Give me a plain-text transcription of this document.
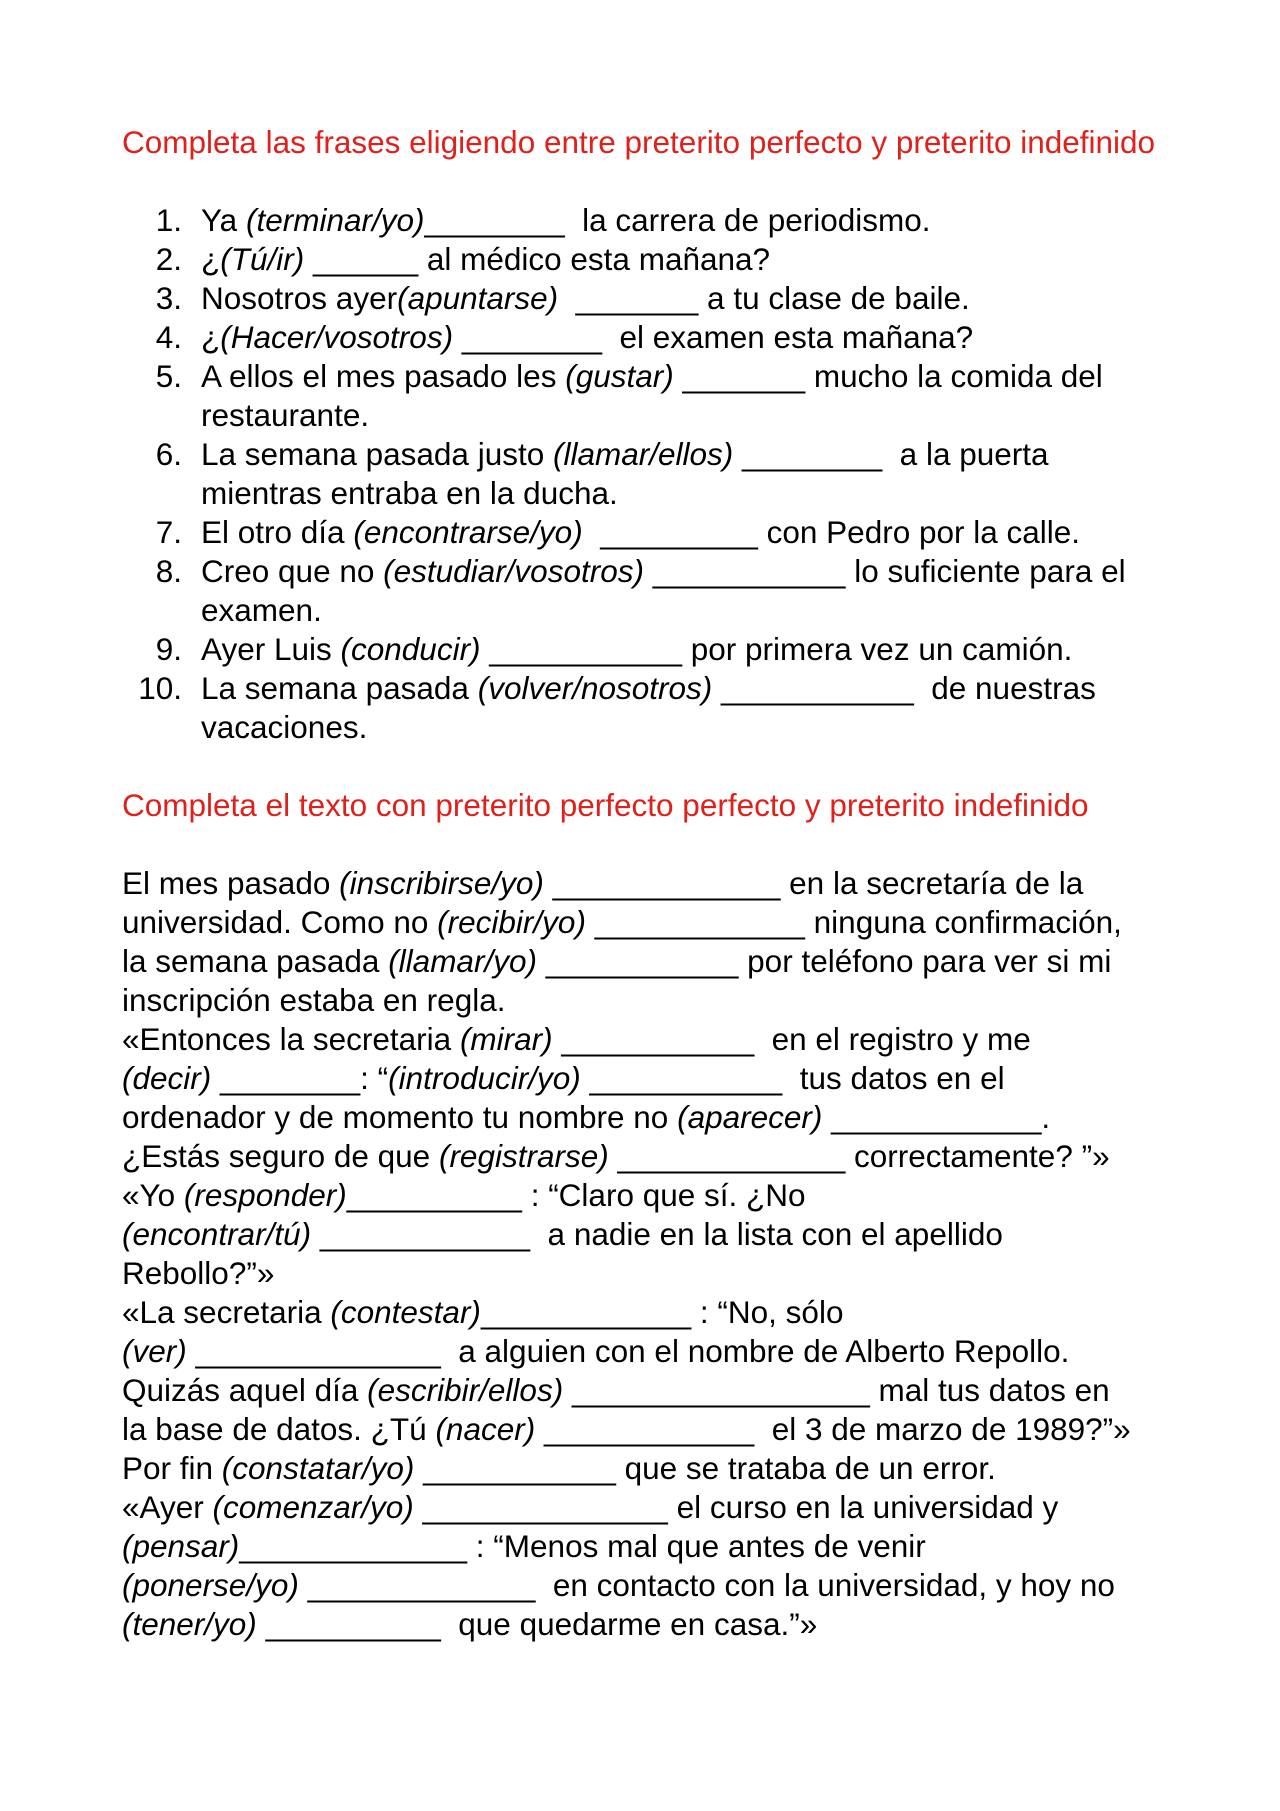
Completa las frases eligiendo entre preterito perfecto y preterito indefinido
1. Ya (terminar/yo)________  la carrera de periodismo.
2. ¿(Tú/ir) ______ al médico esta mañana?
3. Nosotros ayer(apuntarse)  _______ a tu clase de baile.
4. ¿(Hacer/vosotros) ________  el examen esta mañana?
5. A ellos el mes pasado les (gustar) _______ mucho la comida del
restaurante.
6. La semana pasada justo (llamar/ellos) ________  a la puerta
mientras entraba en la ducha.
7. El otro día (encontrarse/yo)  _________ con Pedro por la calle.
8. Creo que no (estudiar/vosotros) ___________ lo suficiente para el
examen.
9. Ayer Luis (conducir) ___________ por primera vez un camión.
10. La semana pasada (volver/nosotros) ___________  de nuestras
vacaciones.
Completa el texto con preterito perfecto perfecto y preterito indefinido
El mes pasado (inscribirse/yo) _____________ en la secretaría de la
universidad. Como no (recibir/yo) ____________ ninguna confirmación,
la semana pasada (llamar/yo) ___________ por teléfono para ver si mi
inscripción estaba en regla.
«Entonces la secretaria (mirar) ___________  en el registro y me
(decir) ________: “(introducir/yo) ___________  tus datos en el
ordenador y de momento tu nombre no (aparecer) ____________.
¿Estás seguro de que (registrarse) _____________ correctamente? ”»
«Yo (responder)__________ : “Claro que sí. ¿No
(encontrar/tú) ____________  a nadie en la lista con el apellido
Rebollo?”»
«La secretaria (contestar)____________ : “No, sólo
(ver) ______________  a alguien con el nombre de Alberto Repollo.
Quizás aquel día (escribir/ellos) _________________ mal tus datos en
la base de datos. ¿Tú (nacer) ____________  el 3 de marzo de 1989?”»
Por fin (constatar/yo) ___________ que se trataba de un error.
«Ayer (comenzar/yo) ______________ el curso en la universidad y
(pensar)_____________ : “Menos mal que antes de venir
(ponerse/yo) _____________  en contacto con la universidad, y hoy no
(tener/yo) __________  que quedarme en casa.”»
